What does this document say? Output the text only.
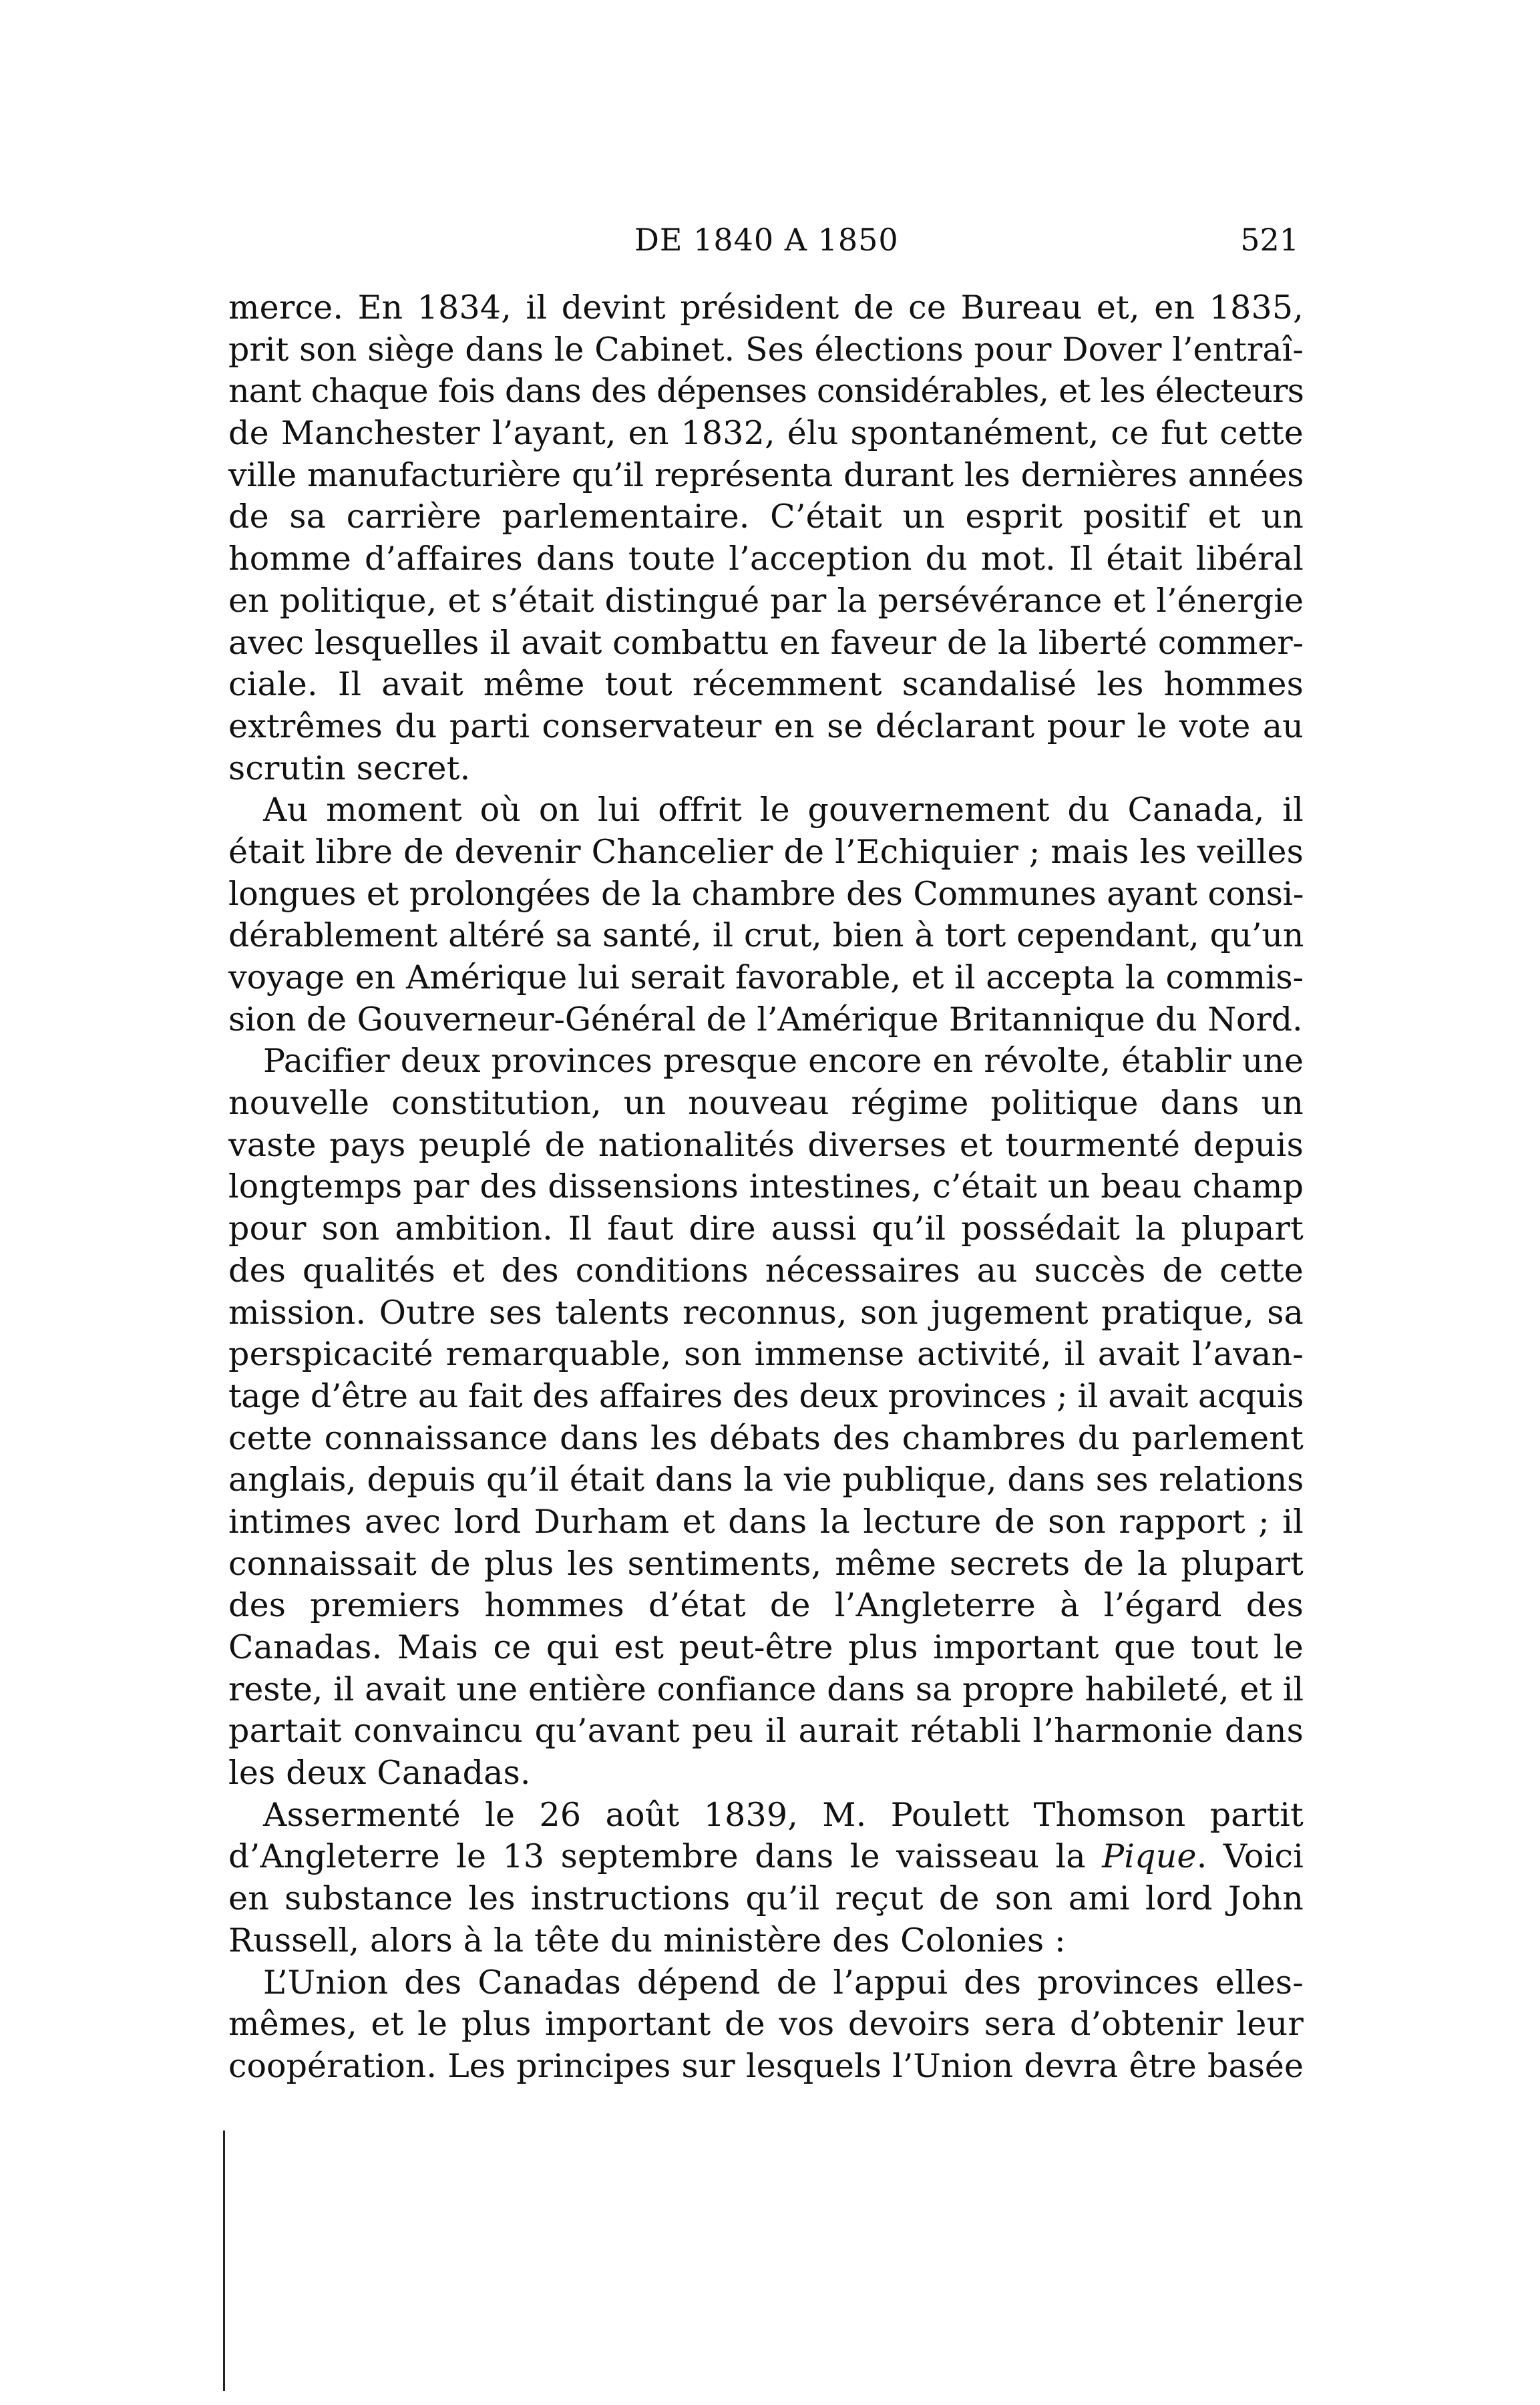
DE 1840 A 1850	521
merce. En 1834, il devint président de ce Bureau et, en 1835,
prit son siège dans le Cabinet. Ses élections pour Dover l’entraî-
nant chaque fois dans des dépenses considérables, et les électeurs
de Manchester l’ayant, en 1832, élu spontanément, ce fut cette
ville manufacturière qu’il représenta durant les dernières années
de sa carrière parlementaire. C’était un esprit positif et un
homme d’affaires dans toute l’acception du mot. Il était libéral
en politique, et s’était distingué par la persévérance et l’énergie
avec lesquelles il avait combattu en faveur de la liberté commer-
ciale. Il avait même tout récemment scandalisé les hommes
extrêmes du parti conservateur en se déclarant pour le vote au
scrutin secret.
Au moment où on lui offrit le gouvernement du Canada, il
était libre de devenir Chancelier de l’Echiquier ; mais les veilles
longues et prolongées de la chambre des Communes ayant consi-
dérablement altéré sa santé, il crut, bien à tort cependant, qu’un
voyage en Amérique lui serait favorable, et il accepta la commis-
sion de Gouverneur-Général de l’Amérique Britannique du Nord.
Pacifier deux provinces presque encore en révolte, établir une
nouvelle constitution, un nouveau régime politique dans un
vaste pays peuplé de nationalités diverses et tourmenté depuis
longtemps par des dissensions intestines, c’était un beau champ
pour son ambition. Il faut dire aussi qu’il possédait la plupart
des qualités et des conditions nécessaires au succès de cette
mission. Outre ses talents reconnus, son jugement pratique, sa
perspicacité remarquable, son immense activité, il avait l’avan-
tage d’être au fait des affaires des deux provinces ; il avait acquis
cette connaissance dans les débats des chambres du parlement
anglais, depuis qu’il était dans la vie publique, dans ses relations
intimes avec lord Durham et dans la lecture de son rapport ; il
connaissait de plus les sentiments, même secrets de la plupart
des premiers hommes d’état de l’Angleterre à l’égard des
Canadas. Mais ce qui est peut-être plus important que tout le
reste, il avait une entière confiance dans sa propre habileté, et il
partait convaincu qu’avant peu il aurait rétabli l’harmonie dans
les deux Canadas.
Assermenté le 26 août 1839, M. Poulett Thomson partit
d’Angleterre le 13 septembre dans le vaisseau la Pique. Voici
en substance les instructions qu’il reçut de son ami lord John
Russell, alors à la tête du ministère des Colonies :
L’Union des Canadas dépend de l’appui des provinces elles-
mêmes, et le plus important de vos devoirs sera d’obtenir leur
coopération. Les principes sur lesquels l’Union devra être basée
